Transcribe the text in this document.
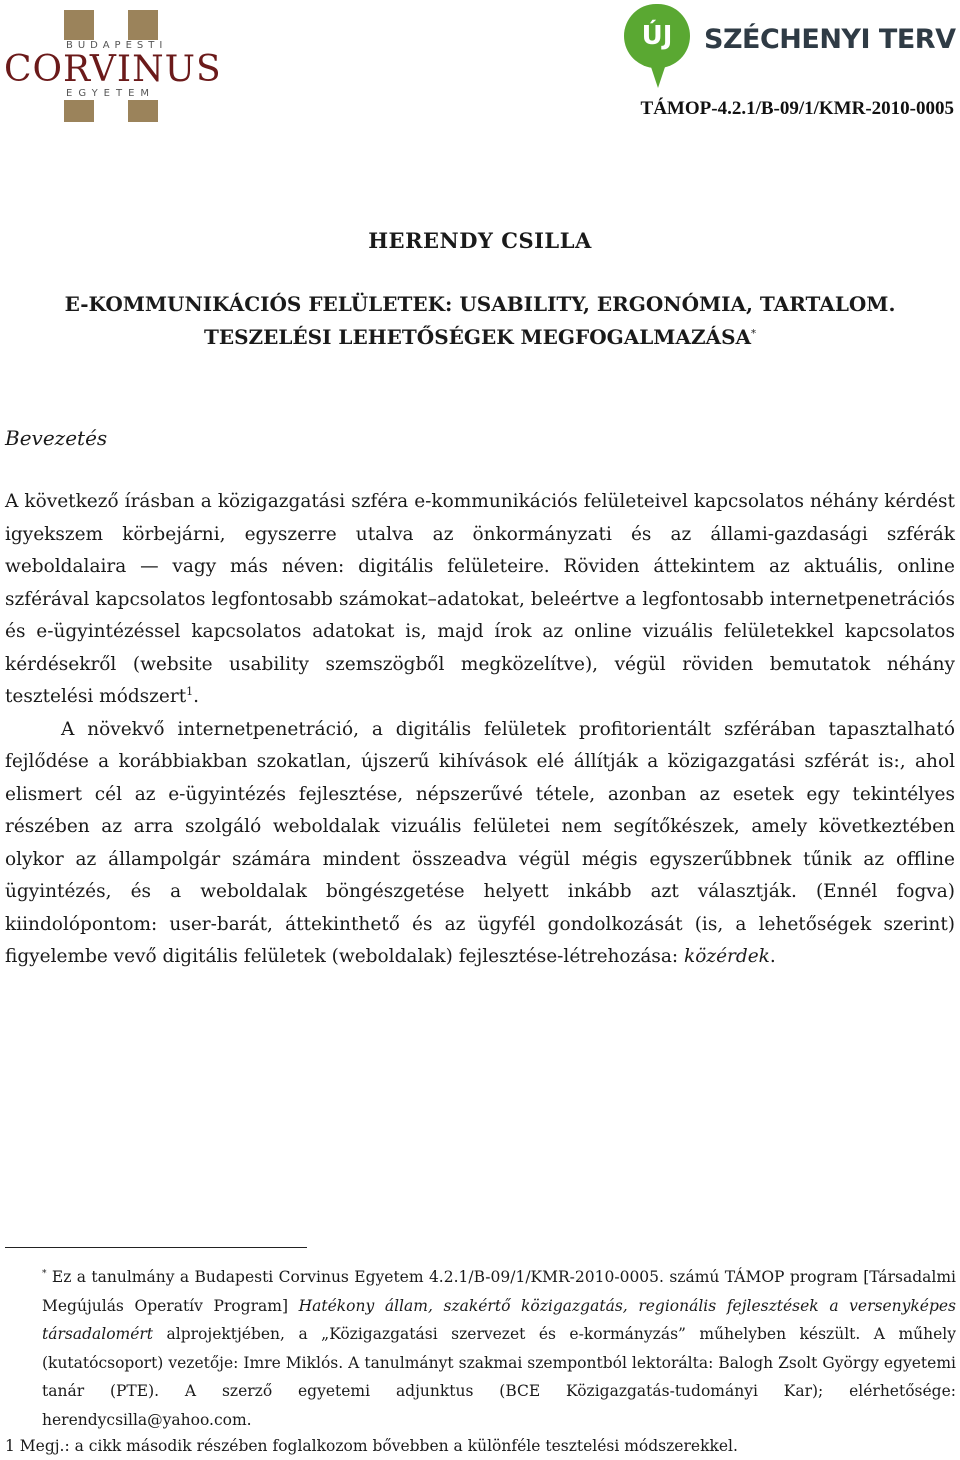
BUDAPESTI
CORVINUS
EGYETEM
ÚJ	SZÉCHENYI TERV
TÁMOP-4.2.1/B-09/1/KMR-2010-0005
HERENDY CSILLA
E-KOMMUNIKÁCIÓS FELÜLETEK: USABILITY, ERGONÓMIA, TARTALOM.
TESZELÉSI LEHETŐSÉGEK MEGFOGALMAZÁSA*
Bevezetés

A következő írásban a közigazgatási szféra e-kommunikációs felületeivel kapcsolatos néhány kérdést igyekszem körbejárni, egyszerre utalva az önkormányzati és az állami-gazdasági szférák weboldalaira — vagy más néven: digitális felületeire. Röviden áttekintem az aktuális, online szférával kapcsolatos legfontosabb számokat–adatokat, beleértve a legfontosabb internetpenetrációs és e-ügyintézéssel kapcsolatos adatokat is, majd írok az online vizuális felületekkel kapcsolatos kérdésekről (website usability szemszögből megközelítve), végül röviden bemutatok néhány tesztelési módszert$^1$.

A növekvő internetpenetráció, a digitális felületek profitorientált szférában tapasztalható fejlődése a korábbiakban szokatlan, újszerű kihívások elé állítják a közigazgatási szférát is:, ahol elismert cél az e-ügyintézés fejlesztése, népszerűvé tétele, azonban az esetek egy tekintélyes részében az arra szolgáló weboldalak vizuális felületei nem segítőkészek, amely következtében olykor az állampolgár számára mindent összeadva végül mégis egyszerűbbnek tűnik az offline ügyintézés, és a weboldalak böngészgetése helyett inkább azt választják. (Ennél fogva) kiindolópontom: user-barát, áttekinthető és az ügyfél gondolkozását (is, a lehetőségek szerint) figyelembe vevő digitális felületek (weboldalak) fejlesztése-létrehozása: közérdek.

* Ez a tanulmány a Budapesti Corvinus Egyetem 4.2.1/B-09/1/KMR-2010-0005. számú TÁMOP program [Társadalmi Megújulás Operatív Program] Hatékony állam, szakértő közigazgatás, regionális fejlesztések a versenyképes társadalomért alprojektjében, a „Közigazgatási szervezet és e-kormányzás” műhelyben készült. A műhely (kutatócsoport) vezetője: Imre Miklós. A tanulmányt szakmai szempontból lektorálta: Balogh Zsolt György egyetemi tanár (PTE). A szerző egyetemi adjunktus (BCE Közigazgatás-tudományi Kar); elérhetősége: herendycsilla@yahoo.com.
1 Megj.: a cikk második részében foglalkozom bővebben a különféle tesztelési módszerekkel.
